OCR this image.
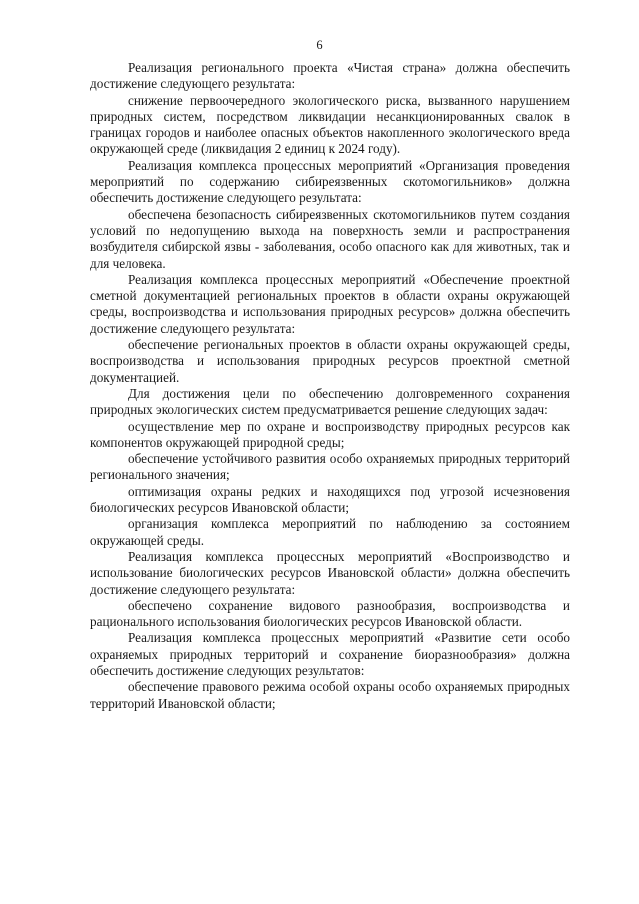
6

Реализация регионального проекта «Чистая страна» должна обеспечить достижение следующего результата:

снижение первоочередного экологического риска, вызванного нарушением природных систем, посредством ликвидации несанкционированных свалок в границах городов и наиболее опасных объектов накопленного экологического вреда окружающей среде (ликвидация 2 единиц к 2024 году).

Реализация комплекса процессных мероприятий «Организация проведения мероприятий по содержанию сибиреязвенных скотомогильников» должна обеспечить достижение следующего результата:

обеспечена безопасность сибиреязвенных скотомогильников путем создания условий по недопущению выхода на поверхность земли и распространения возбудителя сибирской язвы - заболевания, особо опасного как для животных, так и для человека.

Реализация комплекса процессных мероприятий «Обеспечение проектной сметной документацией региональных проектов в области охраны окружающей среды, воспроизводства и использования природных ресурсов» должна обеспечить достижение следующего результата:

обеспечение региональных проектов в области охраны окружающей среды, воспроизводства и использования природных ресурсов проектной сметной документацией.

Для достижения цели по обеспечению долговременного сохранения природных экологических систем предусматривается решение следующих задач:

осуществление мер по охране и воспроизводству природных ресурсов как компонентов окружающей природной среды;

обеспечение устойчивого развития особо охраняемых природных территорий регионального значения;

оптимизация охраны редких и находящихся под угрозой исчезновения биологических ресурсов Ивановской области;

организация комплекса мероприятий по наблюдению за состоянием окружающей среды.

Реализация комплекса процессных мероприятий «Воспроизводство и использование биологических ресурсов Ивановской области» должна обеспечить достижение следующего результата:

обеспечено сохранение видового разнообразия, воспроизводства и рационального использования биологических ресурсов Ивановской области.

Реализация комплекса процессных мероприятий «Развитие сети особо охраняемых природных территорий и сохранение биоразнообразия» должна обеспечить достижение следующих результатов:

обеспечение правового режима особой охраны особо охраняемых природных территорий Ивановской области;
